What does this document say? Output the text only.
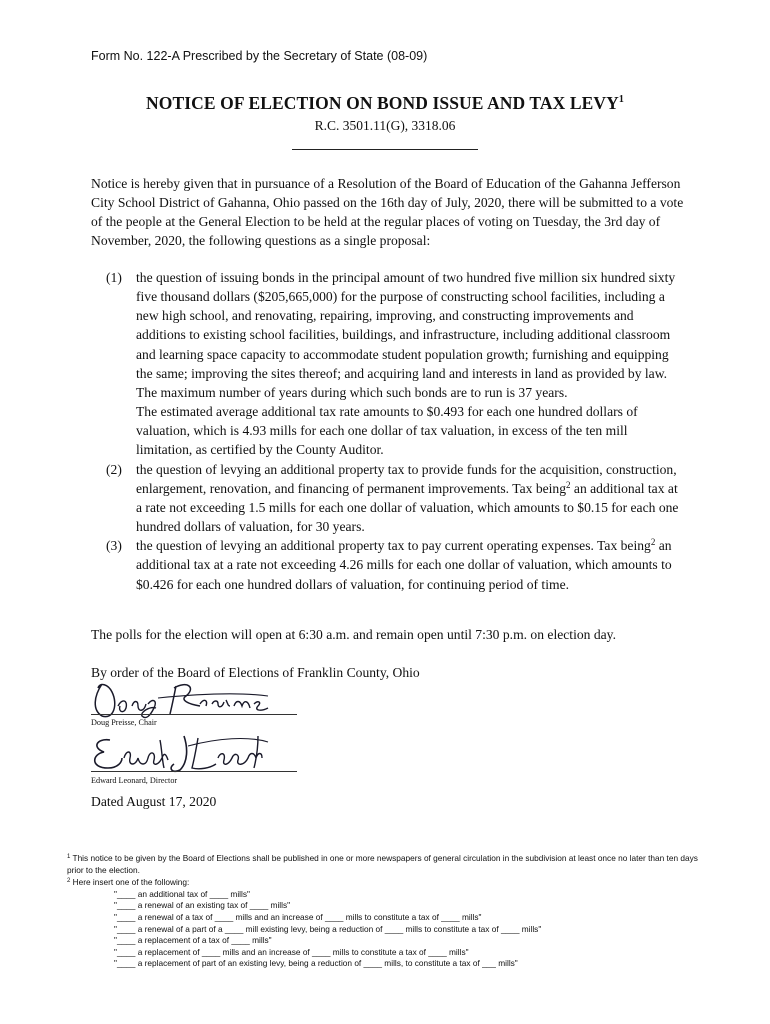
Form No. 122-A Prescribed by the Secretary of State (08-09)
NOTICE OF ELECTION ON BOND ISSUE AND TAX LEVY$^1$
R.C. 3501.11(G), 3318.06
Notice is hereby given that in pursuance of a Resolution of the Board of Education of the Gahanna Jefferson City School District of Gahanna, Ohio passed on the 16th day of July, 2020, there will be submitted to a vote of the people at the General Election to be held at the regular places of voting on Tuesday, the 3rd day of November, 2020, the following questions as a single proposal:
(1) the question of issuing bonds in the principal amount of two hundred five million six hundred sixty five thousand dollars ($205,665,000) for the purpose of constructing school facilities, including a new high school, and renovating, repairing, improving, and constructing improvements and additions to existing school facilities, buildings, and infrastructure, including additional classroom and learning space capacity to accommodate student population growth; furnishing and equipping the same; improving the sites thereof; and acquiring land and interests in land as provided by law.

The maximum number of years during which such bonds are to run is 37 years.

The estimated average additional tax rate amounts to $0.493 for each one hundred dollars of valuation, which is 4.93 mills for each one dollar of tax valuation, in excess of the ten mill limitation, as certified by the County Auditor.

(2) the question of levying an additional property tax to provide funds for the acquisition, construction, enlargement, renovation, and financing of permanent improvements. Tax being$^2$ an additional tax at a rate not exceeding 1.5 mills for each one dollar of valuation, which amounts to $0.15 for each one hundred dollars of valuation, for 30 years.

(3) the question of levying an additional property tax to pay current operating expenses. Tax being$^2$ an additional tax at a rate not exceeding 4.26 mills for each one dollar of valuation, which amounts to $0.426 for each one hundred dollars of valuation, for continuing period of time.

The polls for the election will open at 6:30 a.m. and remain open until 7:30 p.m. on election day.
By order of the Board of Elections of Franklin County, Ohio
Doug Preisse, Chair
Edward Leonard, Director
Dated August 17, 2020

$^1$ This notice to be given by the Board of Elections shall be published in one or more newspapers of general circulation in the subdivision at least once no later than ten days prior to the election.

$^2$ Here insert one of the following:

"____ an additional tax of ____ mills"
"____ a renewal of an existing tax of ____ mills"
"____ a renewal of a tax of ____ mills and an increase of ____ mills to constitute a tax of ____ mills"
"____ a renewal of a part of a ____ mill existing levy, being a reduction of ____ mills to constitute a tax of ____ mills"
"____ a replacement of a tax of ____ mills"
"____ a replacement of ____ mills and an increase of ____ mills to constitute a tax of ____ mills"
"____ a replacement of part of an existing levy, being a reduction of ____ mills, to constitute a tax of ___ mills"
